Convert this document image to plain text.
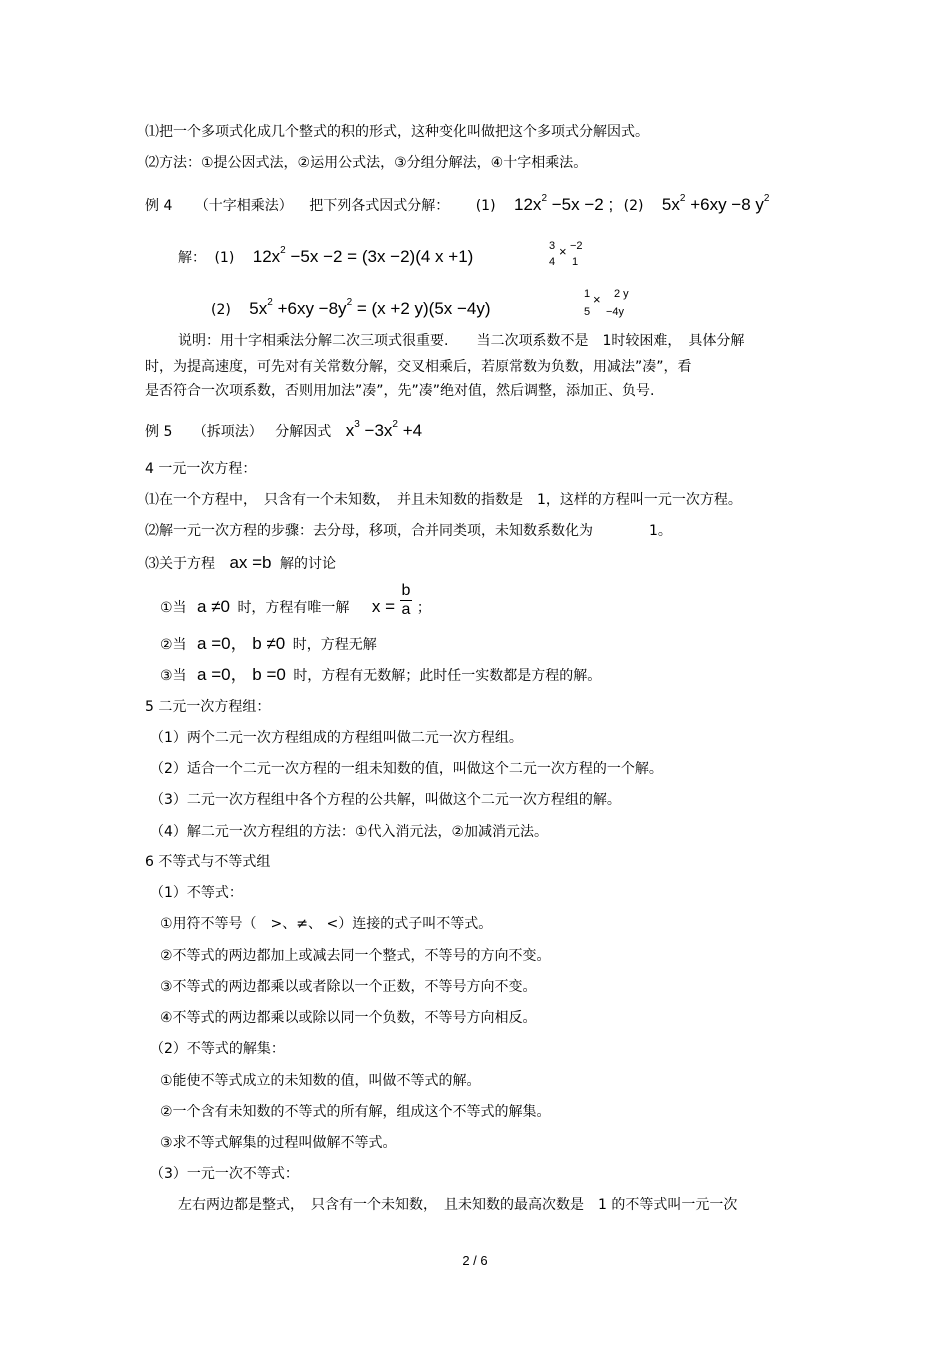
⑴把一个多项式化成几个整式的积的形式，这种变化叫做把这个多项式分解因式。
⑵方法：①提公因式法，②运用公式法，③分组分解法，④十字相乘法。
例 4 （十字相乘法） 把下列各式因式分解： (1) $12x^2 -5x -2$ ; (2) $5x^2 +6xy -8$ $y^2$
解： (1) $12x^2 -5x -2 = (3x -2)(4$ x +1)
3 × −2
4 1
(2) $5x^2 +6xy -8y^2 = (x +2$ y)(5x −4y)
1 × 2 y
5 −4y
说明：用十字相乘法分解二次三项式很重要.　　当二次项系数不是　1时较困难，　具体分解
时，为提高速度，可先对有关常数分解，交叉相乘后，若原常数为负数，用减法”凑”，看
是否符合一次项系数，否则用加法”凑”，先”凑”绝对值，然后调整，添加正、负号.
例 5 （拆项法） 分解因式 $x^3 -3x^2 +4$
4 一元一次方程：
⑴在一个方程中，　只含有一个未知数，　并且未知数的指数是　1，这样的方程叫一元一次方程。
⑵解一元一次方程的步骤：去分母，移项，合并同类项，未知数系数化为　　　　1。
⑶关于方程 ax =b 解的讨论
①当 a ≠0 时，方程有唯一解 $x = \frac{b}{a}$ ；
②当 a =0， b ≠0 时，方程无解
③当 a =0， b =0 时，方程有无数解；此时任一实数都是方程的解。
5 二元一次方程组：
（1）两个二元一次方程组成的方程组叫做二元一次方程组。
（2）适合一个二元一次方程的一组未知数的值，叫做这个二元一次方程的一个解。
（3）二元一次方程组中各个方程的公共解，叫做这个二元一次方程组的解。
（4）解二元一次方程组的方法：①代入消元法，②加减消元法。
6 不等式与不等式组
（1）不等式：
①用符不等号（　>、≠、 <）连接的式子叫不等式。
②不等式的两边都加上或减去同一个整式，不等号的方向不变。
③不等式的两边都乘以或者除以一个正数，不等号方向不变。
④不等式的两边都乘以或除以同一个负数，不等号方向相反。
（2）不等式的解集：
①能使不等式成立的未知数的值，叫做不等式的解。
②一个含有未知数的不等式的所有解，组成这个不等式的解集。
③求不等式解集的过程叫做解不等式。
（3）一元一次不等式：
左右两边都是整式，　只含有一个未知数，　且未知数的最高次数是　1 的不等式叫一元一次
2 / 6
